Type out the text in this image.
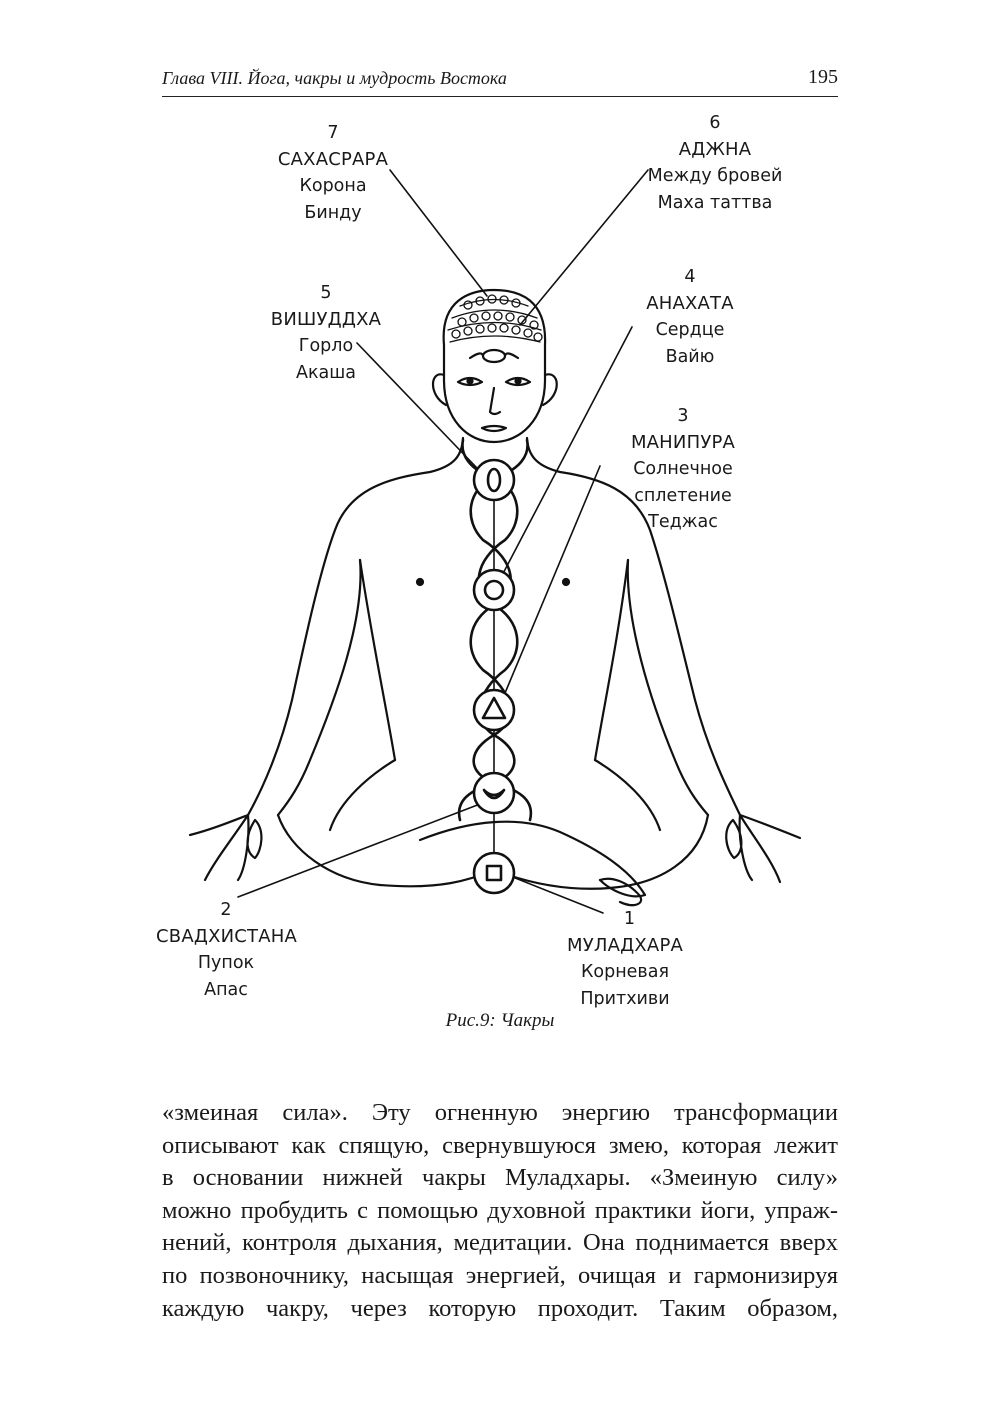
Глава VIII. Йога, чакры и мудрость Востока	195
7
САХАСРАРА
Корона
Бинду
6
АДЖНА
Между бровей
Маха таттва
5
ВИШУДДХА
Горло
Акаша
4
АНАХАТА
Сердце
Вайю
3
МАНИПУРА
Солнечное
сплетение
Теджас
2
СВАДХИСТАНА
Пупок
Апас
1
МУЛАДХАРА
Корневая
Притхиви
Рис.9: Чакры
«змеиная сила». Эту огненную энергию трансформации
описывают как спящую, свернувшуюся змею, которая лежит
в основании нижней чакры Муладхары. «Змеиную силу»
можно пробудить с помощью духовной практики йоги, упраж-
нений, контроля дыхания, медитации. Она поднимается вверх
по позвоночнику, насыщая энергией, очищая и гармонизируя
каждую чакру, через которую проходит. Таким образом,
